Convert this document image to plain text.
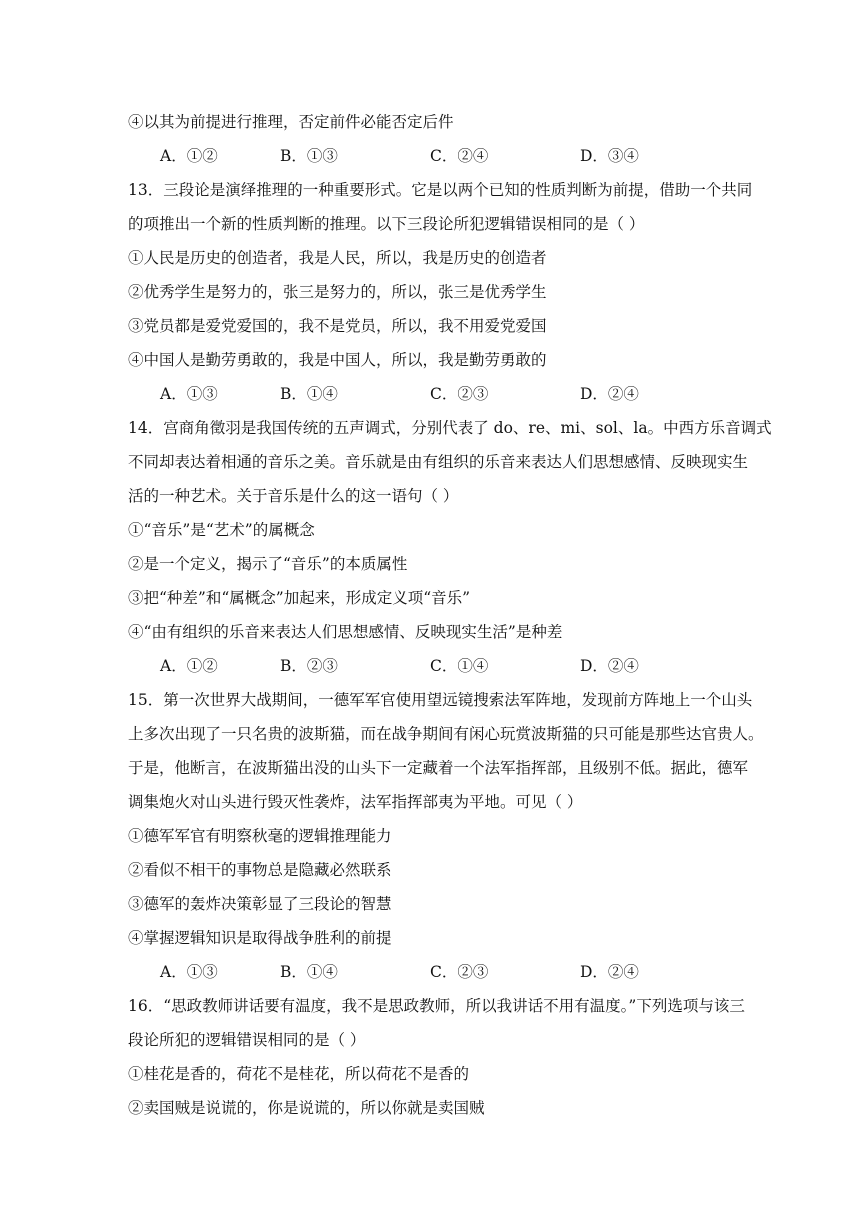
④以其为前提进行推理，否定前件必能否定后件
A．①②	B．①③	C．②④	D．③④
13．三段论是演绎推理的一种重要形式。它是以两个已知的性质判断为前提，借助一个共同
的项推出一个新的性质判断的推理。以下三段论所犯逻辑错误相同的是（ ）
①人民是历史的创造者，我是人民，所以，我是历史的创造者
②优秀学生是努力的，张三是努力的，所以，张三是优秀学生
③党员都是爱党爱国的，我不是党员，所以，我不用爱党爱国
④中国人是勤劳勇敢的，我是中国人，所以，我是勤劳勇敢的
A．①③	B．①④	C．②③	D．②④
14．宫商角徵羽是我国传统的五声调式，分别代表了 do、re、mi、sol、la。中西方乐音调式
不同却表达着相通的音乐之美。音乐就是由有组织的乐音来表达人们思想感情、反映现实生
活的一种艺术。关于音乐是什么的这一语句（ ）
①“音乐”是“艺术”的属概念
②是一个定义，揭示了“音乐”的本质属性
③把“种差”和“属概念”加起来，形成定义项“音乐”
④“由有组织的乐音来表达人们思想感情、反映现实生活”是种差
A．①②	B．②③	C．①④	D．②④
15．第一次世界大战期间，一德军军官使用望远镜搜索法军阵地，发现前方阵地上一个山头
上多次出现了一只名贵的波斯猫，而在战争期间有闲心玩赏波斯猫的只可能是那些达官贵人。
于是，他断言，在波斯猫出没的山头下一定藏着一个法军指挥部，且级别不低。据此，德军
调集炮火对山头进行毁灭性袭炸，法军指挥部夷为平地。可见（ ）
①德军军官有明察秋毫的逻辑推理能力
②看似不相干的事物总是隐藏必然联系
③德军的轰炸决策彰显了三段论的智慧
④掌握逻辑知识是取得战争胜利的前提
A．①③	B．①④	C．②③	D．②④
16．“思政教师讲话要有温度，我不是思政教师，所以我讲话不用有温度。”下列选项与该三
段论所犯的逻辑错误相同的是（ ）
①桂花是香的，荷花不是桂花，所以荷花不是香的
②卖国贼是说谎的，你是说谎的，所以你就是卖国贼
